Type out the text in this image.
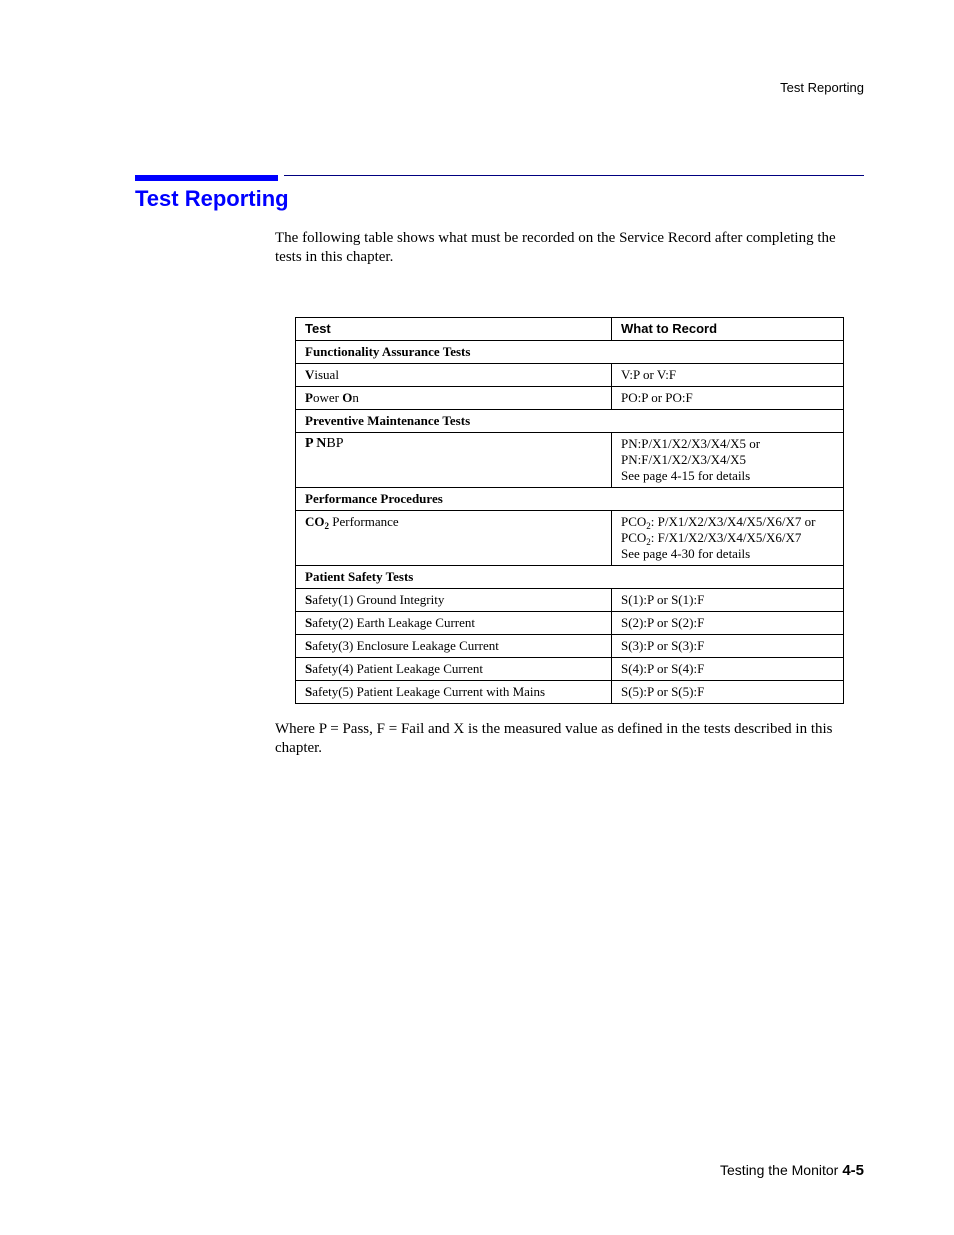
Test Reporting
Test Reporting
The following table shows what must be recorded on the Service Record after completing the tests in this chapter.
Test	What to Record
Functionality Assurance Tests	
Visual	V:P or V:F
Power On	PO:P or PO:F
Preventive Maintenance Tests	
P NBP	PN:P/X1/X2/X3/X4/X5 or
PN:F/X1/X2/X3/X4/X5
See page 4-15 for details

Performance Procedures	
$CO_2$ Performance	$PCO_2$: P/X1/X2/X3/X4/X5/X6/X7 or
$PCO_2$: F/X1/X2/X3/X4/X5/X6/X7
See page 4-30 for details

Patient Safety Tests	
Safety(1) Ground Integrity	S(1):P or S(1):F
Safety(2) Earth Leakage Current	S(2):P or S(2):F
Safety(3) Enclosure Leakage Current	S(3):P or S(3):F
Safety(4) Patient Leakage Current	S(4):P or S(4):F
Safety(5) Patient Leakage Current with Mains	S(5):P or S(5):F
Where P = Pass, F = Fail and X is the measured value as defined in the tests described in this chapter.
Testing the Monitor 4-5
